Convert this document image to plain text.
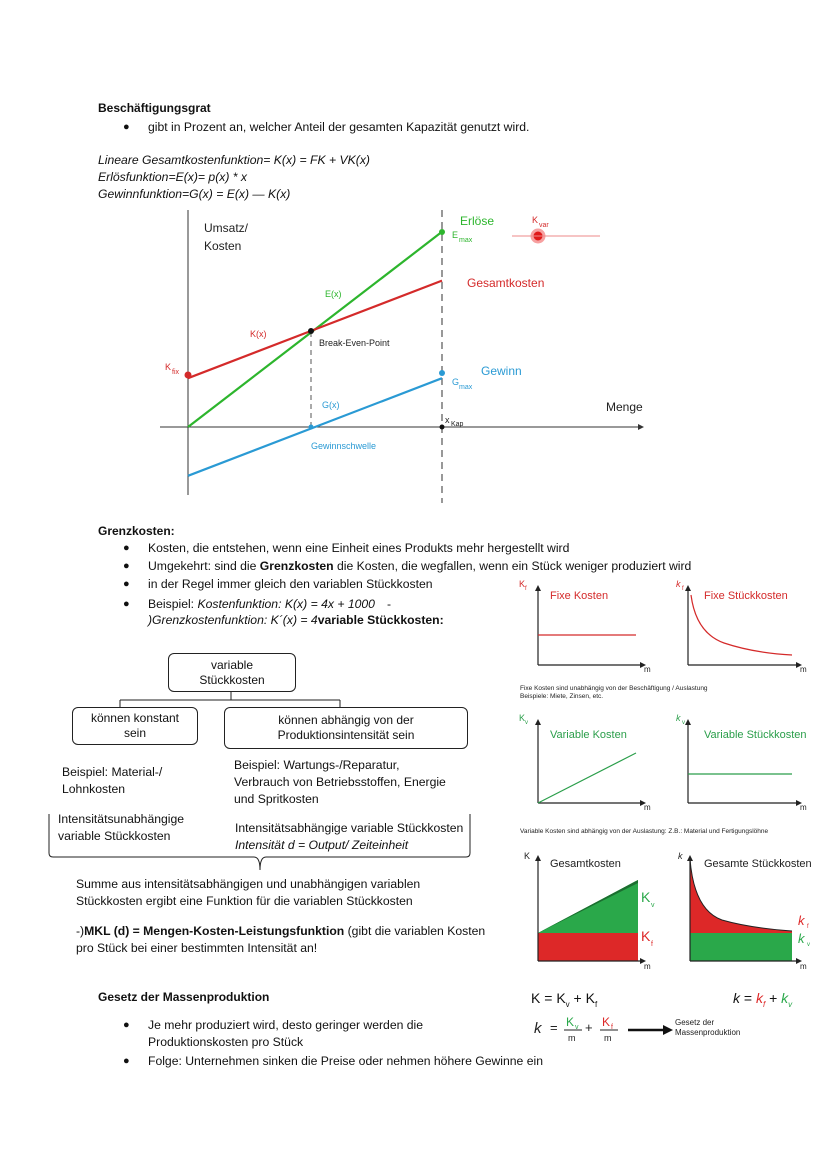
Beschäftigungsgrat
● gibt in Prozent an, welcher Anteil der gesamten Kapazität genutzt wird.
Lineare Gesamtkostenfunktion= K(x) = FK + VK(x)
Erlösfunktion=E(x)= p(x) * x
Gewinnfunktion=G(x) = E(x) — K(x)
Umsatz/
Kosten
Menge
Erlöse
E
max
K
var
Gesamtkosten
Gewinn
G
max
K
fix
E(x)
K(x)
G(x)
Break-Even-Point
Gewinnschwelle
x Kap
Grenzkosten:
● Kosten, die entstehen, wenn eine Einheit eines Produkts mehr hergestellt wird
● Umgekehrt: sind die Grenzkosten die Kosten, die wegfallen, wenn ein Stück weniger produziert wird
● in der Regel immer gleich den variablen Stückkosten
● Beispiel: Kostenfunktion: K(x) = 4x + 1000 -
)Grenzkostenfunktion: K´(x) = 4variable Stückkosten:
variable
Stückkosten
können konstant
sein
können abhängig von der
Produktionsintensität sein
Beispiel: Material-/
Lohnkosten
Beispiel: Wartungs-/Reparatur,
Verbrauch von Betriebsstoffen, Energie
und Spritkosten
Intensitätsunabhängige
variable Stückkosten
Intensitätsabhängige variable Stückkosten
Intensität d = Output/ Zeiteinheit
Summe aus intensitätsabhängigen und unabhängigen variablen
Stückkosten ergibt eine Funktion für die variablen Stückkosten
-)MKL (d) = Mengen-Kosten-Leistungsfunktion (gibt die variablen Kosten
pro Stück bei einer bestimmten Intensität an!
Gesetz der Massenproduktion
● Je mehr produziert wird, desto geringer werden die
Produktionskosten pro Stück
● Folge: Unternehmen sinken die Preise oder nehmen höhere Gewinne ein
K f
Fixe Kosten
m
k f
Fixe Stückkosten
m
Fixe Kosten sind unabhängig von der Beschäftigung / Auslastung
Beispiele: Miete, Zinsen, etc.
K v
Variable Kosten
m
k v
Variable Stückkosten
m
Variable Kosten sind abhängig von der Auslastung: Z.B.: Material und Fertigungslöhne
K
Gesamtkosten
K
v
K
f
m
k
Gesamte Stückkosten
k f
k v
m
$K = K_v + K_f$	$k = k_f + k_v$
k = K v
m
+ K f
m
Gesetz der
Massenproduktion
